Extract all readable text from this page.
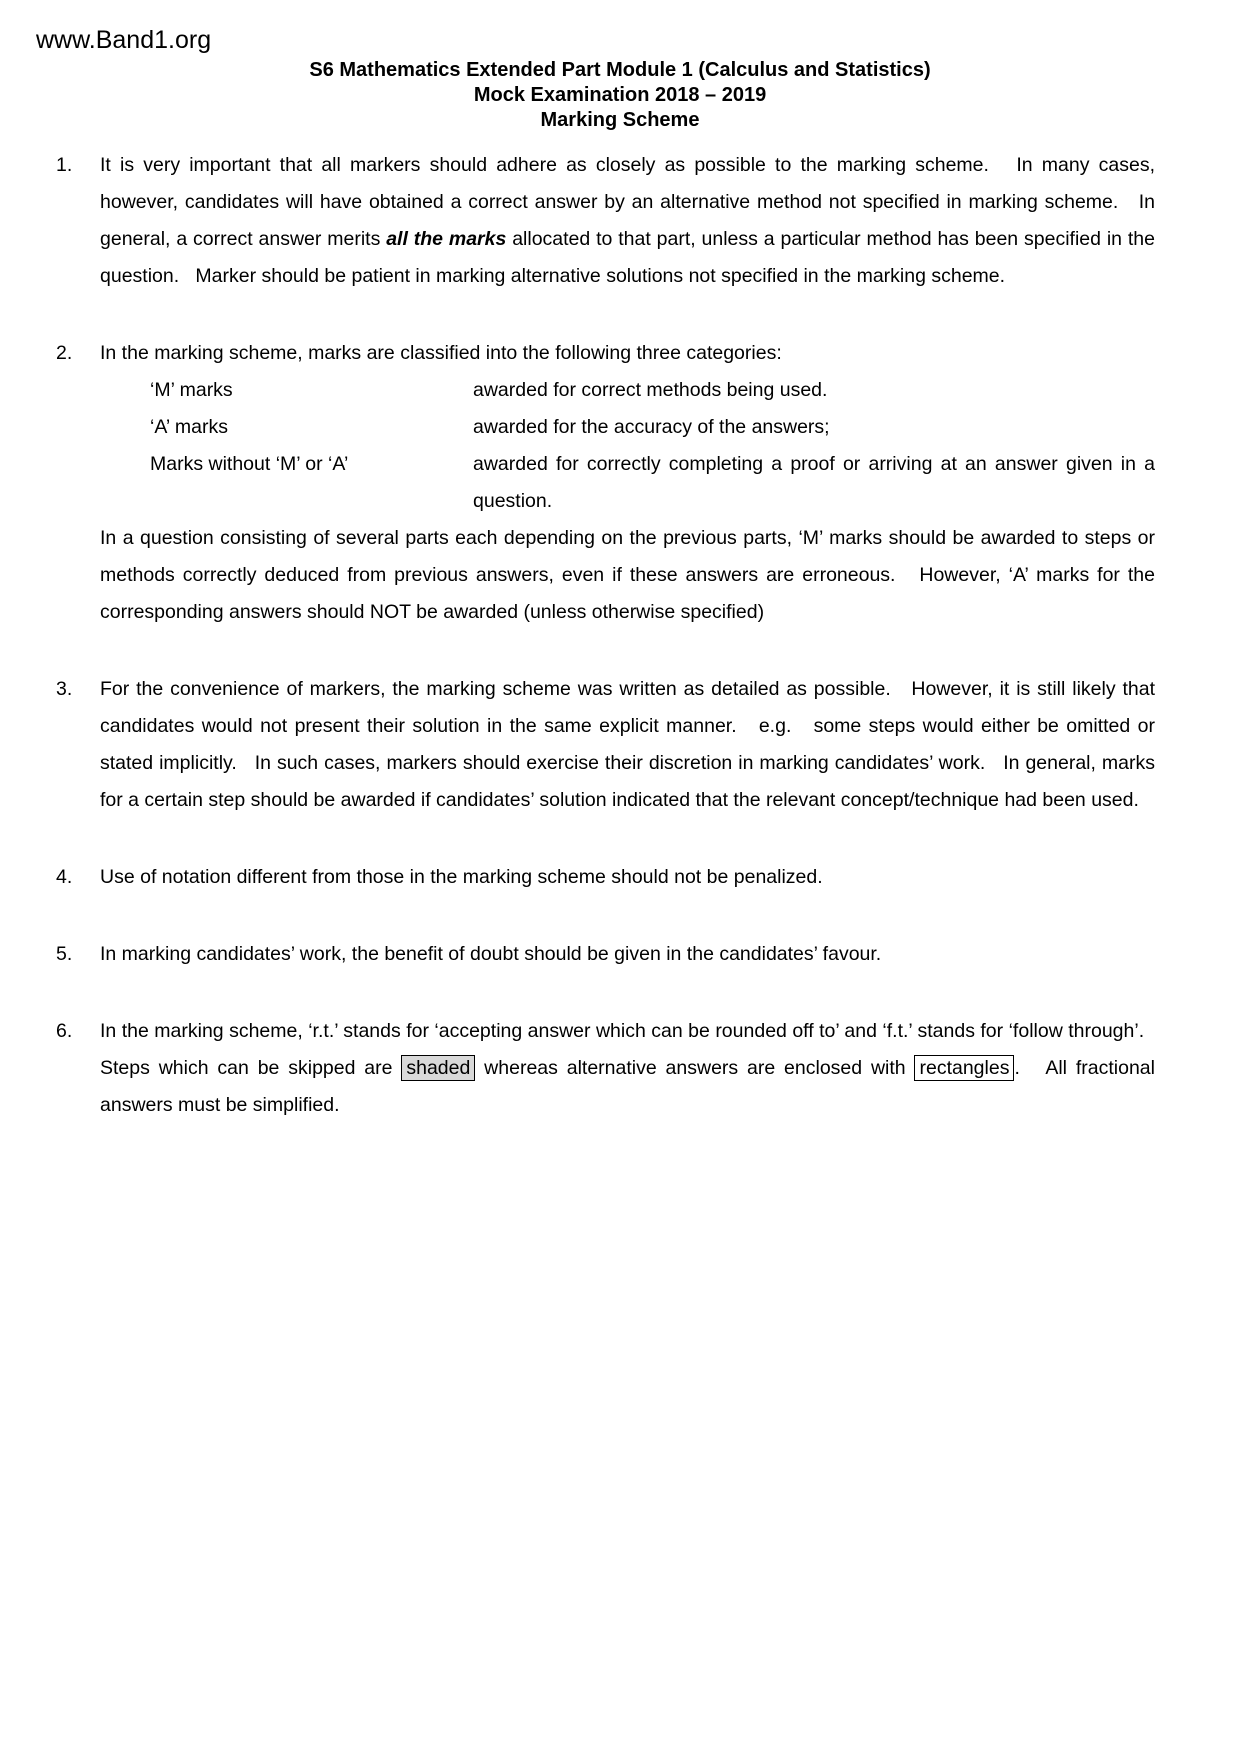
www.Band1.org
S6 Mathematics Extended Part Module 1 (Calculus and Statistics)
Mock Examination 2018 – 2019
Marking Scheme
1. It is very important that all markers should adhere as closely as possible to the marking scheme.   In many cases, however, candidates will have obtained a correct answer by an alternative method not specified in marking scheme.   In general, a correct answer merits all the marks allocated to that part, unless a particular method has been specified in the question.   Marker should be patient in marking alternative solutions not specified in the marking scheme.
2. In the marking scheme, marks are classified into the following three categories:
‘M’ marks	awarded for correct methods being used.
‘A’ marks	awarded for the accuracy of the answers;
Marks without ‘M’ or ‘A’	awarded for correctly completing a proof or arriving at an answer given in a question.
In a question consisting of several parts each depending on the previous parts, ‘M’ marks should be awarded to steps or methods correctly deduced from previous answers, even if these answers are erroneous.   However, ‘A’ marks for the corresponding answers should NOT be awarded (unless otherwise specified)
3. For the convenience of markers, the marking scheme was written as detailed as possible.   However, it is still likely that candidates would not present their solution in the same explicit manner.   e.g.   some steps would either be omitted or stated implicitly.   In such cases, markers should exercise their discretion in marking candidates’ work.   In general, marks for a certain step should be awarded if candidates’ solution indicated that the relevant concept/technique had been used.
4. Use of notation different from those in the marking scheme should not be penalized.
5. In marking candidates’ work, the benefit of doubt should be given in the candidates’ favour.
6. In the marking scheme, ‘r.t.’ stands for ‘accepting answer which can be rounded off to’ and ‘f.t.’ stands for ‘follow through’.   Steps which can be skipped are shaded whereas alternative answers are enclosed with rectangles .   All fractional answers must be simplified.
